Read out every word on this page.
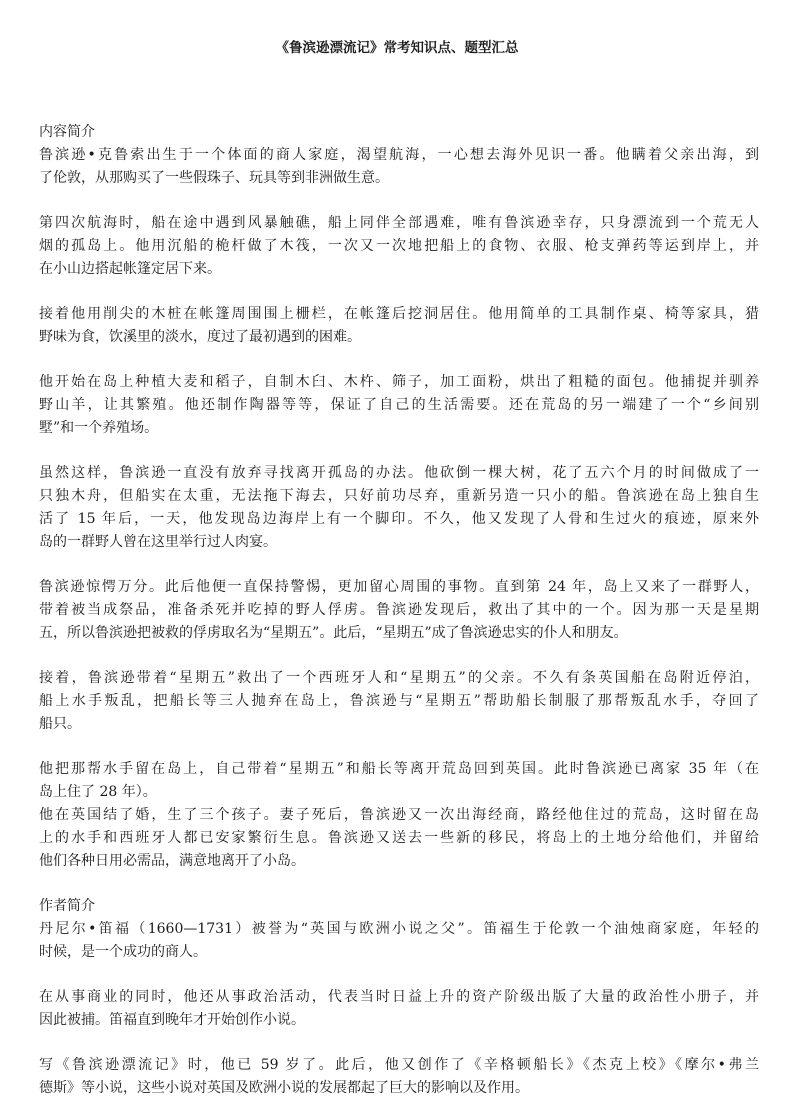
《鲁滨逊漂流记》常考知识点、题型汇总

内容简介

鲁滨逊•克鲁索出生于一个体面的商人家庭，渴望航海，一心想去海外见识一番。他瞒着父亲出海，到

了伦敦，从那购买了一些假珠子、玩具等到非洲做生意。

第四次航海时，船在途中遇到风暴触礁，船上同伴全部遇难，唯有鲁滨逊幸存，只身漂流到一个荒无人

烟的孤岛上。他用沉船的桅杆做了木筏，一次又一次地把船上的食物、衣服、枪支弹药等运到岸上，并

在小山边搭起帐篷定居下来。

接着他用削尖的木桩在帐篷周围围上栅栏，在帐篷后挖洞居住。他用简单的工具制作桌、椅等家具，猎

野味为食，饮溪里的淡水，度过了最初遇到的困难。

他开始在岛上种植大麦和稻子，自制木臼、木杵、筛子，加工面粉，烘出了粗糙的面包。他捕捉并驯养

野山羊，让其繁殖。他还制作陶器等等，保证了自己的生活需要。还在荒岛的另一端建了一个“乡间别

墅”和一个养殖场。

虽然这样，鲁滨逊一直没有放弃寻找离开孤岛的办法。他砍倒一棵大树，花了五六个月的时间做成了一

只独木舟，但船实在太重，无法拖下海去，只好前功尽弃，重新另造一只小的船。鲁滨逊在岛上独自生

活了 15 年后，一天，他发现岛边海岸上有一个脚印。不久，他又发现了人骨和生过火的痕迹，原来外

岛的一群野人曾在这里举行过人肉宴。

鲁滨逊惊愕万分。此后他便一直保持警惕，更加留心周围的事物。直到第 24 年，岛上又来了一群野人，

带着被当成祭品，准备杀死并吃掉的野人俘虏。鲁滨逊发现后，救出了其中的一个。因为那一天是星期

五，所以鲁滨逊把被救的俘虏取名为“星期五”。此后，“星期五”成了鲁滨逊忠实的仆人和朋友。

接着，鲁滨逊带着“星期五”救出了一个西班牙人和“星期五”的父亲。不久有条英国船在岛附近停泊，

船上水手叛乱，把船长等三人抛弃在岛上，鲁滨逊与“星期五”帮助船长制服了那帮叛乱水手，夺回了

船只。

他把那帮水手留在岛上，自己带着“星期五”和船长等离开荒岛回到英国。此时鲁滨逊已离家 35 年（在

岛上住了 28 年）。

他在英国结了婚，生了三个孩子。妻子死后，鲁滨逊又一次出海经商，路经他住过的荒岛，这时留在岛

上的水手和西班牙人都已安家繁衍生息。鲁滨逊又送去一些新的移民，将岛上的土地分给他们，并留给

他们各种日用必需品，满意地离开了小岛。

作者简介

丹尼尔•笛福（1660—1731）被誉为“英国与欧洲小说之父”。笛福生于伦敦一个油烛商家庭，年轻的

时候，是一个成功的商人。

在从事商业的同时，他还从事政治活动，代表当时日益上升的资产阶级出版了大量的政治性小册子，并

因此被捕。笛福直到晚年才开始创作小说。

写《鲁滨逊漂流记》时，他已 59 岁了。此后，他又创作了《辛格顿船长》《杰克上校》《摩尔•弗兰

德斯》等小说，这些小说对英国及欧洲小说的发展都起了巨大的影响以及作用。
